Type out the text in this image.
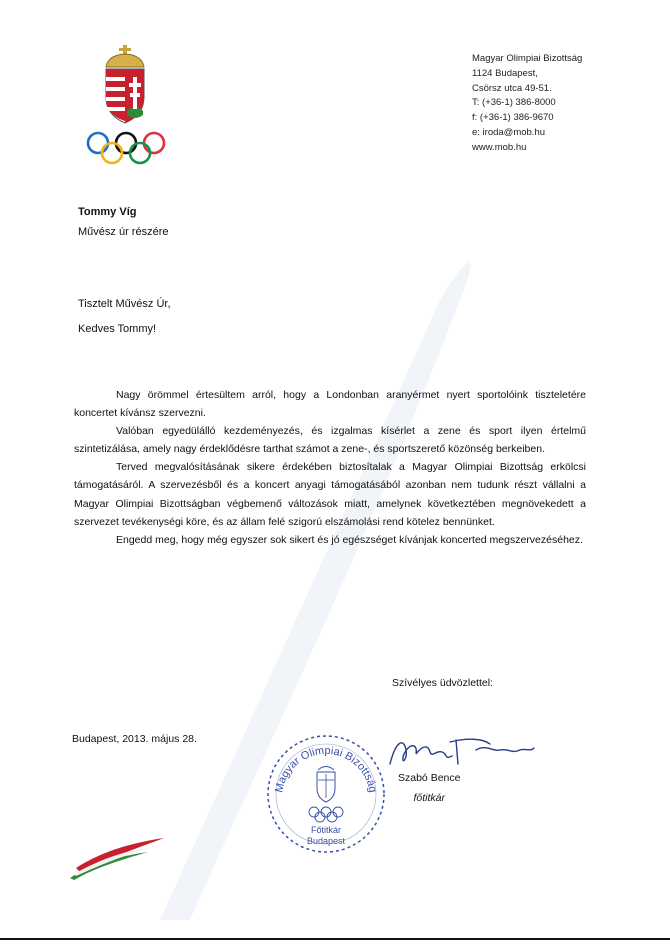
Magyar Olimpiai Bizottság
1124 Budapest,
Csörsz utca 49-51.
T: (+36-1) 386-8000
f: (+36-1) 386-9670
e: iroda@mob.hu
www.mob.hu
Tommy Víg
Művész úr részére
Tisztelt Művész Úr,
Kedves Tommy!

Nagy örömmel értesültem arról, hogy a Londonban aranyérmet nyert sportolóink tiszteletére koncertet kívánsz szervezni.

Valóban egyedülálló kezdeményezés, és izgalmas kísérlet a zene és sport ilyen értelmű szintetizálása, amely nagy érdeklődésre tarthat számot a zene-, és sportszerető közönség berkeiben.

Terved megvalósításának sikere érdekében biztosítalak a Magyar Olimpiai Bizottság erkölcsi támogatásáról. A szervezésből és a koncert anyagi támogatásából azonban nem tudunk részt vállalni a Magyar Olimpiai Bizottságban végbemenő változások miatt, amelynek következtében megnövekedett a szervezet tevékenységi köre, és az állam felé szigorú elszámolási rend kötelez bennünket.

Engedd meg, hogy még egyszer sok sikert és jó egészséget kívánjak koncerted megszervezéséhez.

Szívélyes üdvözlettel:
Budapest, 2013. május 28.
Magyar Olimpiai Bizottság
Főtitkár
Budapest
Szabó Bence
főtitkár
